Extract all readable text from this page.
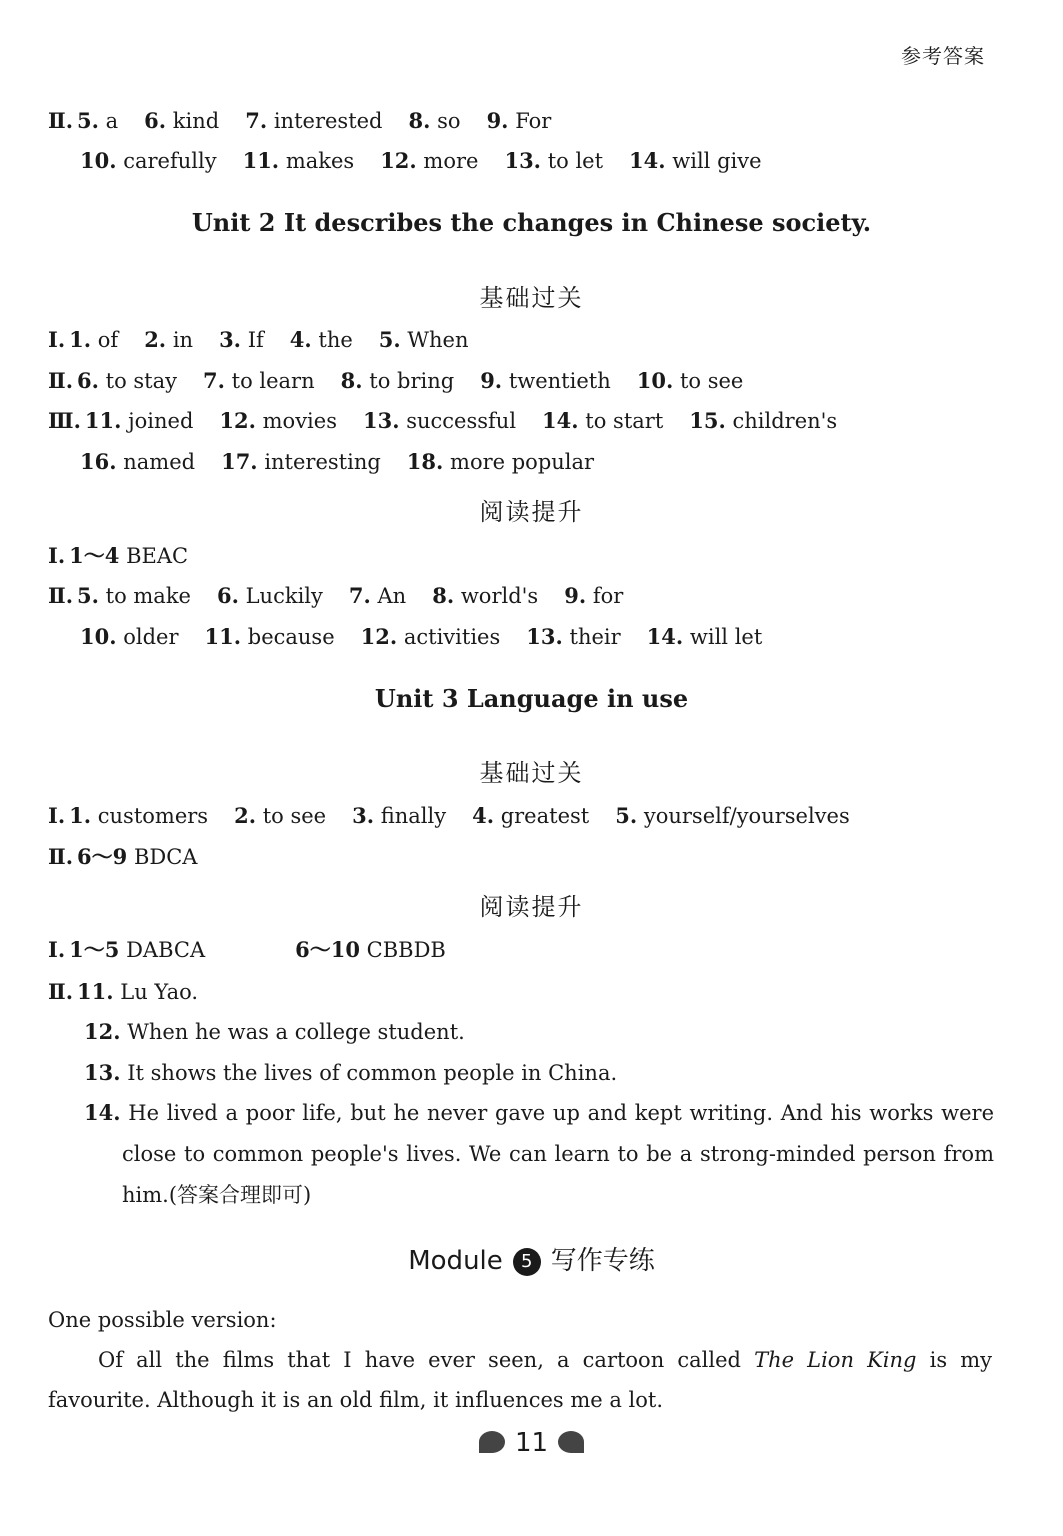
参考答案
Ⅱ. 5. a 6. kind 7. interested 8. so 9. For
10. carefully 11. makes 12. more 13. to let 14. will give
Unit 2 It describes the changes in Chinese society.
基础过关
Ⅰ. 1. of 2. in 3. If 4. the 5. When
Ⅱ. 6. to stay 7. to learn 8. to bring 9. twentieth 10. to see
Ⅲ. 11. joined 12. movies 13. successful 14. to start 15. children's
16. named 17. interesting 18. more popular
阅读提升
Ⅰ. 1～4 BEAC
Ⅱ. 5. to make 6. Luckily 7. An 8. world's 9. for
10. older 11. because 12. activities 13. their 14. will let
Unit 3 Language in use
基础过关
Ⅰ. 1. customers 2. to see 3. finally 4. greatest 5. yourself/yourselves
Ⅱ. 6～9 BDCA
阅读提升
Ⅰ. 1～5 DABCA	6～10 CBBDB
Ⅱ. 11. Lu Yao.
12. When he was a college student.
13. It shows the lives of common people in China.
14. He lived a poor life, but he never gave up and kept writing. And his works were close to common people's lives. We can learn to be a strong-minded person from him.(答案合理即可)
Module 5 写作专练
One possible version:
Of all the films that I have ever seen, a cartoon called The Lion King is my favourite. Although it is an old film, it influences me a lot.
11
